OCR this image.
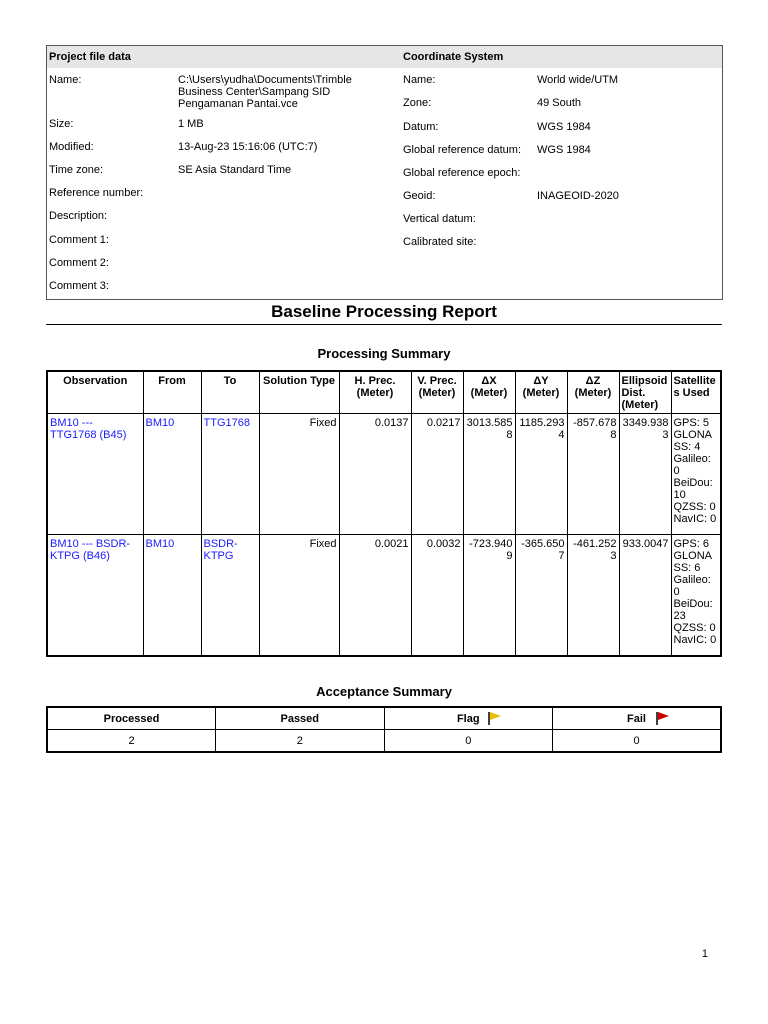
Project file data	Coordinate System
Name:	C:\Users\yudha\Documents\Trimble Business Center\Sampang SID Pengamanan Pantai.vce
Size:	1 MB
Modified:	13-Aug-23 15:16:06 (UTC:7)
Time zone:	SE Asia Standard Time
Reference number:
Description:
Comment 1:
Comment 2:
Comment 3:
Name:	World wide/UTM
Zone:	49 South
Datum:	WGS 1984
Global reference datum: WGS 1984
Global reference epoch:
Geoid:	INAGEOID-2020
Vertical datum:
Calibrated site:
Baseline Processing Report
Processing Summary
Observation	From	To	Solution Type	H. Prec. (Meter)	V. Prec. (Meter)	ΔX (Meter)	ΔY (Meter)	ΔZ (Meter)	Ellipsoid Dist. (Meter)	Satellites Used
BM10 --- TTG1768 (B45)	BM10	TTG1768	Fixed	0.0137	0.0217	3013.5858	1185.2934	-857.6788	3349.9383	GPS: 5 GLONASS: 4 Galileo: 0 BeiDou: 10 QZSS: 0 NavIC: 0
BM10 --- BSDR-KTPG (B46)	BM10	BSDR-KTPG	Fixed	0.0021	0.0032	-723.9409	-365.6507	-461.2523	933.0047	GPS: 6 GLONASS: 6 Galileo: 0 BeiDou: 23 QZSS: 0 NavIC: 0
Acceptance Summary
Processed	Passed	Flag	Fail

2	2	0	0
1
